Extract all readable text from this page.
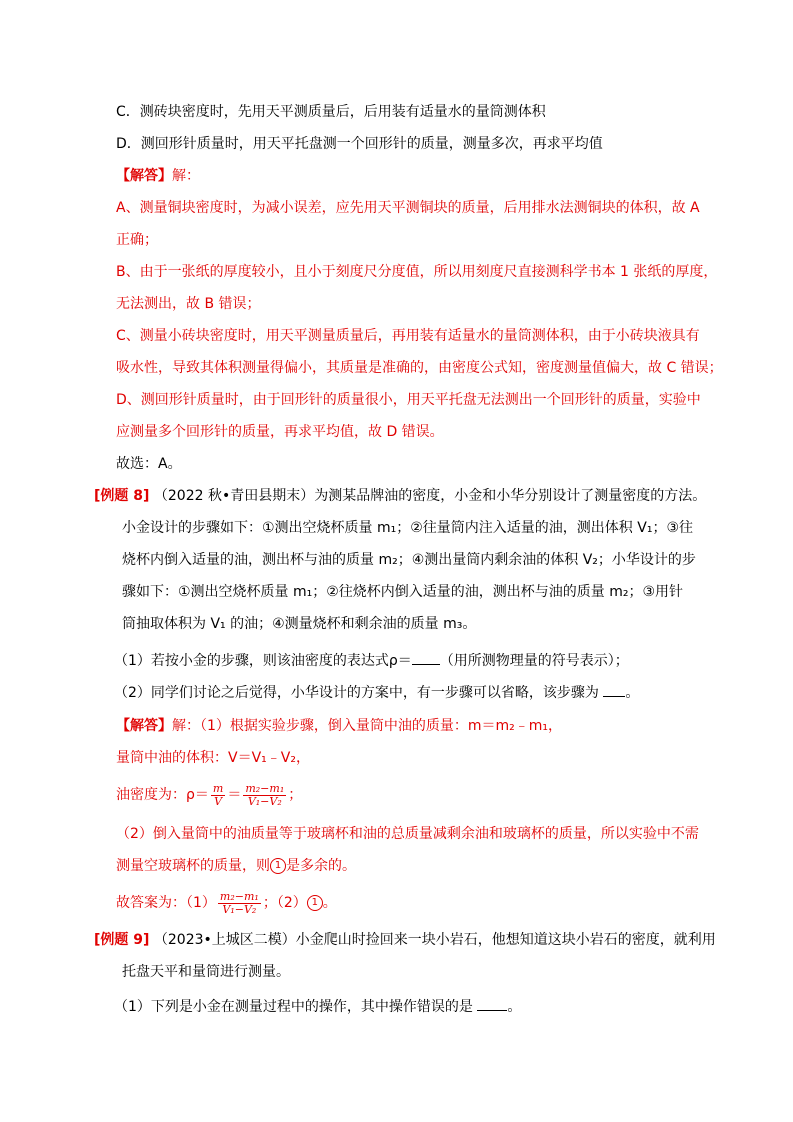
C．测砖块密度时，先用天平测质量后，后用装有适量水的量筒测体积
D．测回形针质量时，用天平托盘测一个回形针的质量，测量多次，再求平均值
【解答】解：
A、测量铜块密度时，为减小误差，应先用天平测铜块的质量，后用排水法测铜块的体积，故 A
正确；
B、由于一张纸的厚度较小，且小于刻度尺分度值，所以用刻度尺直接测科学书本 1 张纸的厚度，
无法测出，故 B 错误；
C、测量小砖块密度时，用天平测量质量后，再用装有适量水的量筒测体积，由于小砖块液具有
吸水性，导致其体积测量得偏小，其质量是准确的，由密度公式知，密度测量值偏大，故 C 错误；
D、测回形针质量时，由于回形针的质量很小，用天平托盘无法测出一个回形针的质量，实验中
应测量多个回形针的质量，再求平均值，故 D 错误。
故选：A。
[例题 8] （2022 秋•青田县期末）为测某品牌油的密度，小金和小华分别设计了测量密度的方法。
小金设计的步骤如下：①测出空烧杯质量 m₁；②往量筒内注入适量的油，测出体积 V₁；③往
烧杯内倒入适量的油，测出杯与油的质量 m₂；④测出量筒内剩余油的体积 V₂；小华设计的步
骤如下：①测出空烧杯质量 m₁；②往烧杯内倒入适量的油，测出杯与油的质量 m₂；③用针
筒抽取体积为 V₁ 的油；④测量烧杯和剩余油的质量 m₃。
（1）若按小金的步骤，则该油密度的表达式ρ＝ （用所测物理量的符号表示）；
（2）同学们讨论之后觉得，小华设计的方案中，有一步骤可以省略，该步骤为 。
【解答】解：（1）根据实验步骤，倒入量筒中油的质量：m＝m₂﹣m₁，
量筒中油的体积：V＝V₁﹣V₂，
油密度为：$\rho= \frac{m}{V} = \frac{\text{m₂−m₁}}{\text{V₁−V₂}}$ ；
（2）倒入量筒中的油质量等于玻璃杯和油的总质量减剩余油和玻璃杯的质量，所以实验中不需
测量空玻璃杯的质量，则 1 是多余的。
故答案为：$(1) \frac{\text{m₂−m₁}}{\text{V₁−V₂}}$ ；（2） 1 。
[例题 9] （2023•上城区二模）小金爬山时捡回来一块小岩石，他想知道这块小岩石的密度，就利用
托盘天平和量筒进行测量。
（1）下列是小金在测量过程中的操作，其中操作错误的是 。
